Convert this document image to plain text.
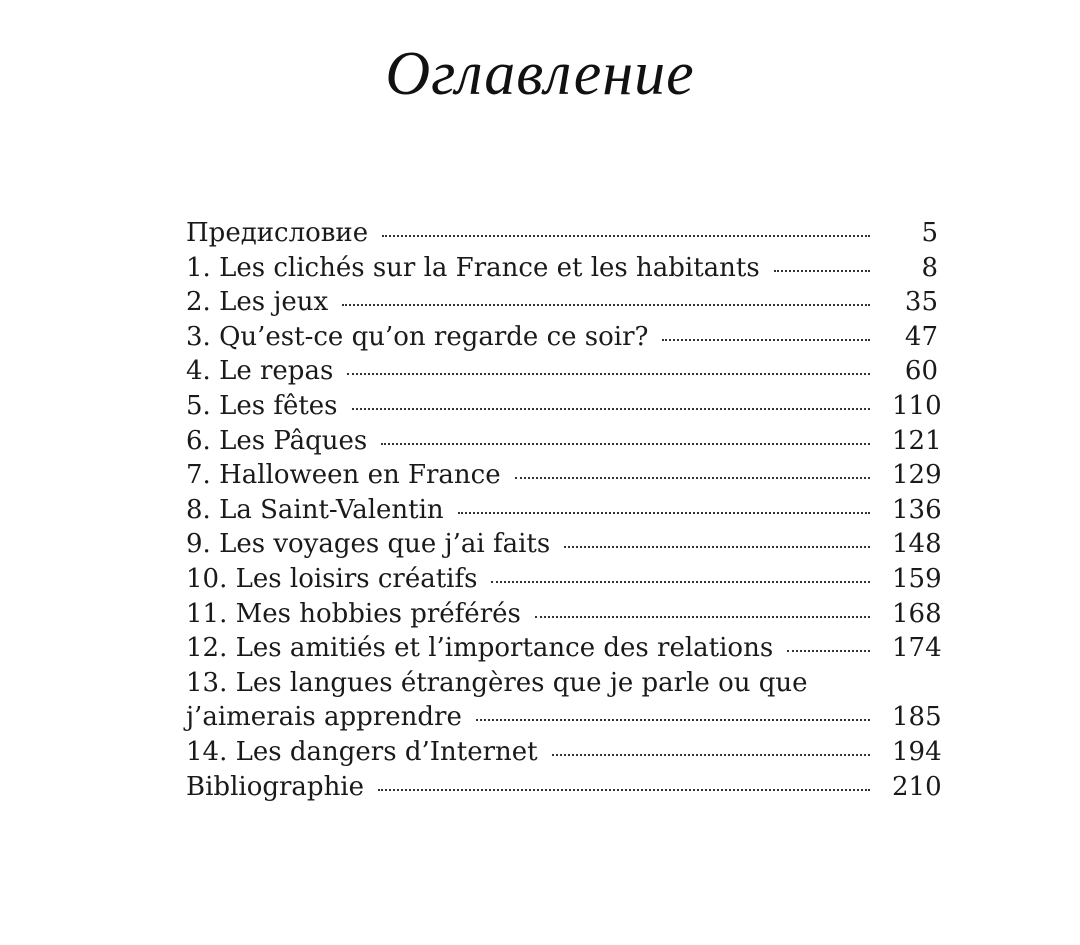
Оглавление
Предисловие	5
1. Les clichés sur la France et les habitants	8
2. Les jeux	35
3. Qu’est-ce qu’on regarde ce soir?	47
4. Le repas	60
5. Les fêtes	110
6. Les Pâques	121
7. Halloween en France	129
8. La Saint-Valentin	136
9. Les voyages que j’ai faits	148
10. Les loisirs créatifs	159
11. Mes hobbies préférés	168
12. Les amitiés et l’importance des relations	174
13. Les langues étrangères que je parle ou que
j’aimerais apprendre	185
14. Les dangers d’Internet	194
Bibliographie	210
